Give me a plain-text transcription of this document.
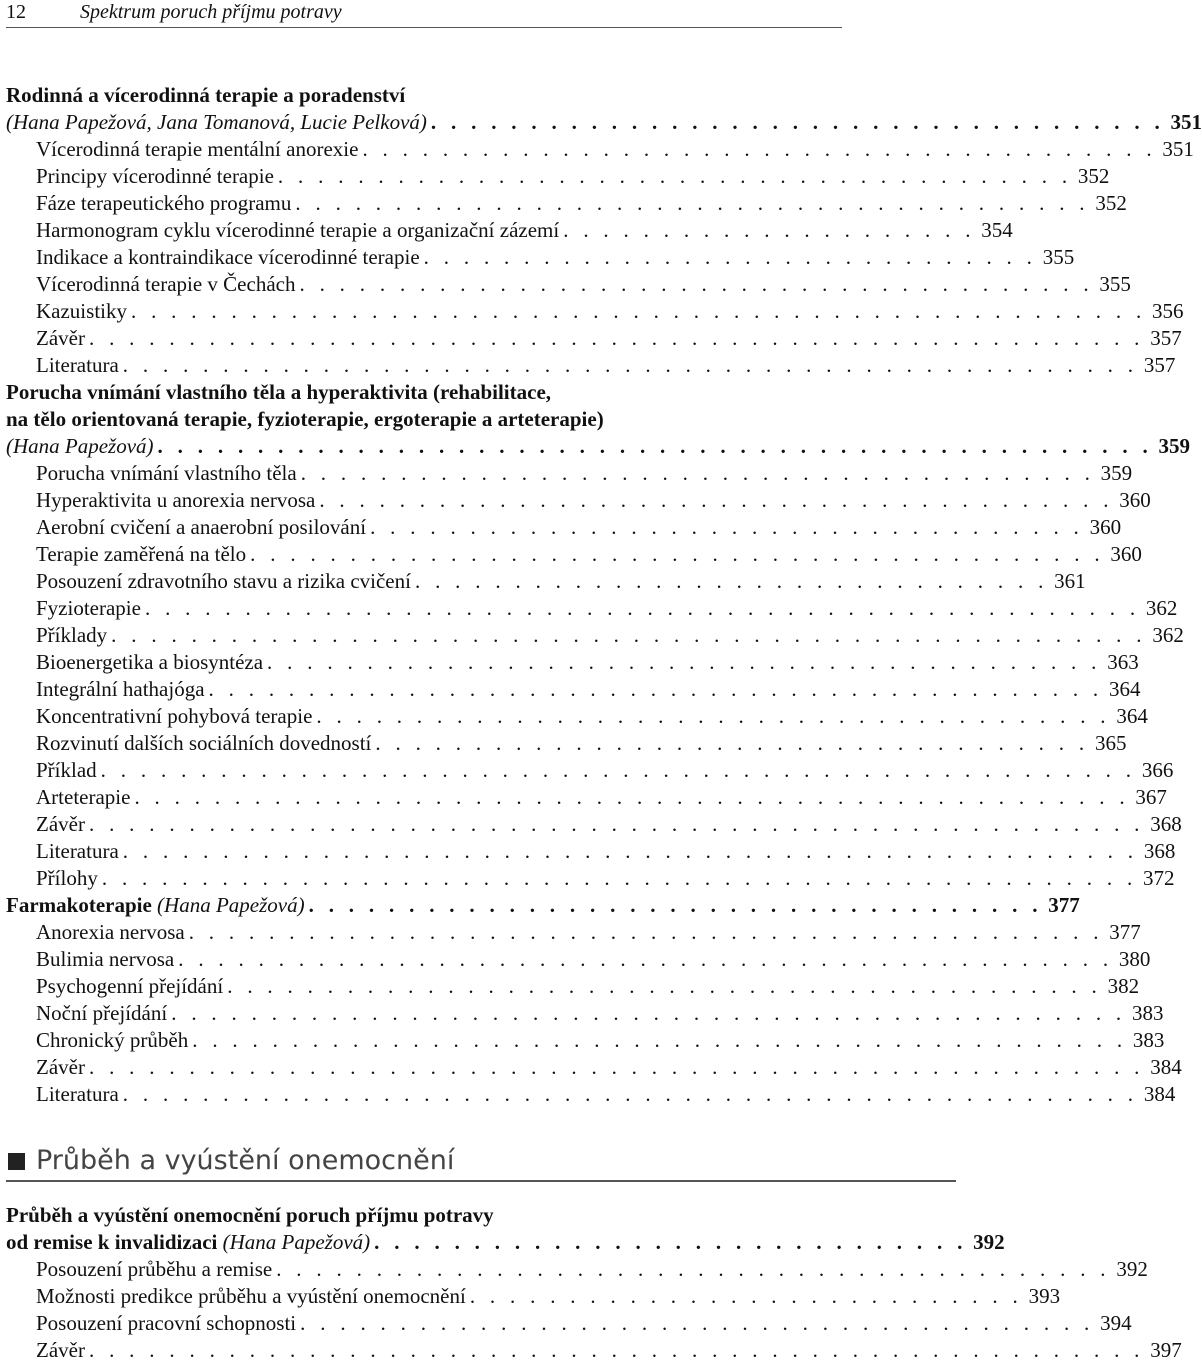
12	Spektrum poruch příjmu potravy
Rodinná a vícerodinná terapie a poradenství
(Hana Papežová, Jana Tomanová, Lucie Pelková) . . . . . . . . . . . . . . . . . . . . . . . . . . . . . . . . . . . . . 351
Vícerodinná terapie mentální anorexie . . . . . . . . . . . . . . . . . . . . . . . . . . . . . . . . . . . . . . . . 351
Principy vícerodinné terapie . . . . . . . . . . . . . . . . . . . . . . . . . . . . . . . . . . . . . . . . 352
Fáze terapeutického programu . . . . . . . . . . . . . . . . . . . . . . . . . . . . . . . . . . . . . . . . 352
Harmonogram cyklu vícerodinné terapie a organizační zázemí . . . . . . . . . . . . . . . . . . . . . 354
Indikace a kontraindikace vícerodinné terapie . . . . . . . . . . . . . . . . . . . . . . . . . . . . . . . 355
Vícerodinná terapie v Čechách . . . . . . . . . . . . . . . . . . . . . . . . . . . . . . . . . . . . . . . . 355
Kazuistiky . . . . . . . . . . . . . . . . . . . . . . . . . . . . . . . . . . . . . . . . . . . . . . . . . . . 356
Závěr . . . . . . . . . . . . . . . . . . . . . . . . . . . . . . . . . . . . . . . . . . . . . . . . . . . . . 357
Literatura . . . . . . . . . . . . . . . . . . . . . . . . . . . . . . . . . . . . . . . . . . . . . . . . . . . 357
Porucha vnímání vlastního těla a hyperaktivita (rehabilitace,
na tělo orientovaná terapie, fyzioterapie, ergoterapie a arteterapie)
(Hana Papežová) . . . . . . . . . . . . . . . . . . . . . . . . . . . . . . . . . . . . . . . . . . . . . . . . . . 359
Porucha vnímání vlastního těla . . . . . . . . . . . . . . . . . . . . . . . . . . . . . . . . . . . . . . . . 359
Hyperaktivita u anorexia nervosa . . . . . . . . . . . . . . . . . . . . . . . . . . . . . . . . . . . . . . . . 360
Aerobní cvičení a anaerobní posilování . . . . . . . . . . . . . . . . . . . . . . . . . . . . . . . . . . . . 360
Terapie zaměřená na tělo . . . . . . . . . . . . . . . . . . . . . . . . . . . . . . . . . . . . . . . . . . . 360
Posouzení zdravotního stavu a rizika cvičení . . . . . . . . . . . . . . . . . . . . . . . . . . . . . . . . 361
Fyzioterapie . . . . . . . . . . . . . . . . . . . . . . . . . . . . . . . . . . . . . . . . . . . . . . . . . . 362
Příklady . . . . . . . . . . . . . . . . . . . . . . . . . . . . . . . . . . . . . . . . . . . . . . . . . . . . 362
Bioenergetika a biosyntéza . . . . . . . . . . . . . . . . . . . . . . . . . . . . . . . . . . . . . . . . . . 363
Integrální hathajóga . . . . . . . . . . . . . . . . . . . . . . . . . . . . . . . . . . . . . . . . . . . . . 364
Koncentrativní pohybová terapie . . . . . . . . . . . . . . . . . . . . . . . . . . . . . . . . . . . . . . . . 364
Rozvinutí dalších sociálních dovedností . . . . . . . . . . . . . . . . . . . . . . . . . . . . . . . . . . . . 365
Příklad . . . . . . . . . . . . . . . . . . . . . . . . . . . . . . . . . . . . . . . . . . . . . . . . . . . . 366
Arteterapie . . . . . . . . . . . . . . . . . . . . . . . . . . . . . . . . . . . . . . . . . . . . . . . . . . 367
Závěr . . . . . . . . . . . . . . . . . . . . . . . . . . . . . . . . . . . . . . . . . . . . . . . . . . . . . 368
Literatura . . . . . . . . . . . . . . . . . . . . . . . . . . . . . . . . . . . . . . . . . . . . . . . . . . . 368
Přílohy . . . . . . . . . . . . . . . . . . . . . . . . . . . . . . . . . . . . . . . . . . . . . . . . . . . . 372
Farmakoterapie (Hana Papežová) . . . . . . . . . . . . . . . . . . . . . . . . . . . . . . . . . . . . . 377
Anorexia nervosa . . . . . . . . . . . . . . . . . . . . . . . . . . . . . . . . . . . . . . . . . . . . . . 377
Bulimia nervosa . . . . . . . . . . . . . . . . . . . . . . . . . . . . . . . . . . . . . . . . . . . . . . . 380
Psychogenní přejídání . . . . . . . . . . . . . . . . . . . . . . . . . . . . . . . . . . . . . . . . . . . . 382
Noční přejídání . . . . . . . . . . . . . . . . . . . . . . . . . . . . . . . . . . . . . . . . . . . . . . . . 383
Chronický průběh . . . . . . . . . . . . . . . . . . . . . . . . . . . . . . . . . . . . . . . . . . . . . . . 383
Závěr . . . . . . . . . . . . . . . . . . . . . . . . . . . . . . . . . . . . . . . . . . . . . . . . . . . . . 384
Literatura . . . . . . . . . . . . . . . . . . . . . . . . . . . . . . . . . . . . . . . . . . . . . . . . . . . 384
Průběh a vyústění onemocnění
Průběh a vyústění onemocnění poruch příjmu potravy
od remise k invalidizaci (Hana Papežová) . . . . . . . . . . . . . . . . . . . . . . . . . . . . . . 392
Posouzení průběhu a remise . . . . . . . . . . . . . . . . . . . . . . . . . . . . . . . . . . . . . . . . . . 392
Možnosti predikce průběhu a vyústění onemocnění . . . . . . . . . . . . . . . . . . . . . . . . . . . . 393
Posouzení pracovní schopnosti . . . . . . . . . . . . . . . . . . . . . . . . . . . . . . . . . . . . . . . . 394
Závěr . . . . . . . . . . . . . . . . . . . . . . . . . . . . . . . . . . . . . . . . . . . . . . . . . . . . . 397
